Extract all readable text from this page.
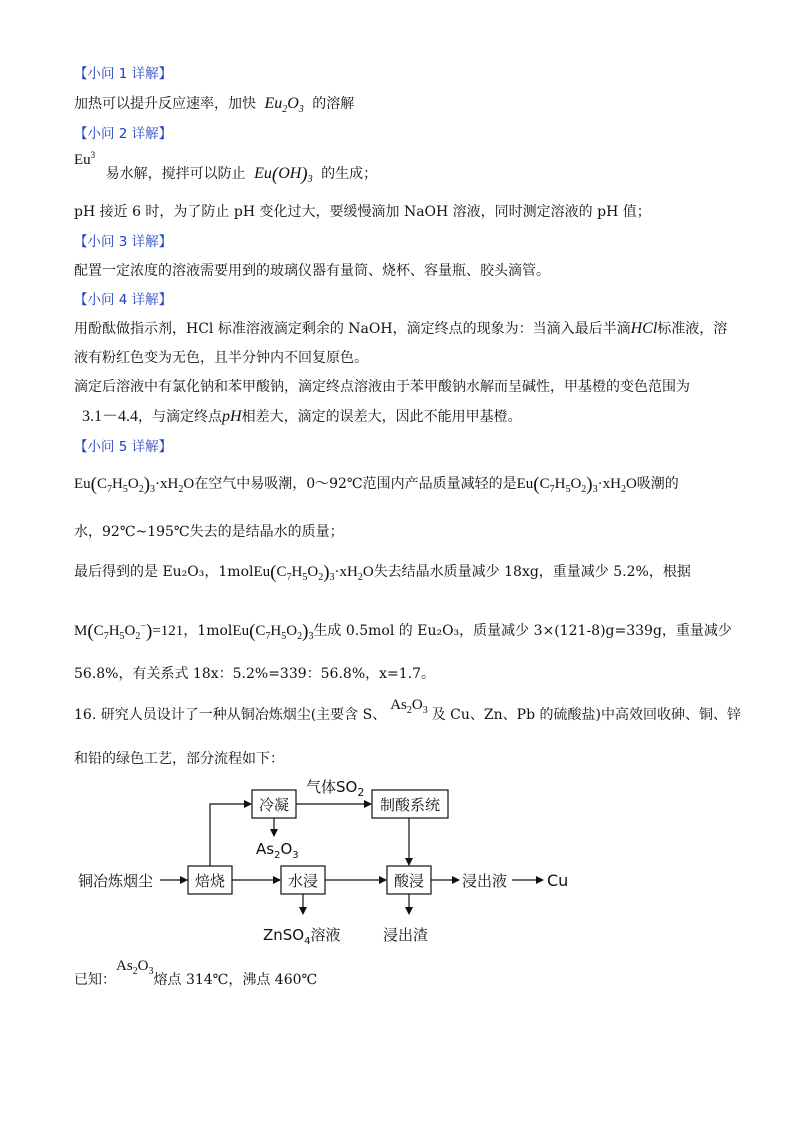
【小问 1 详解】
加热可以提升反应速率，加快  $Eu_2O_3$ 的溶解
【小问 2 详解】
Eu$^3$ 易水解，搅拌可以防止  $Eu(OH)_3$ 的生成；
pH 接近 6 时，为了防止 pH 变化过大，要缓慢滴加 NaOH 溶液，同时测定溶液的 pH 值；
【小问 3 详解】
配置一定浓度的溶液需要用到的玻璃仪器有量筒、烧杯、容量瓶、胶头滴管。
【小问 4 详解】
用酚酞做指示剂，HCl 标准溶液滴定剩余的 NaOH，滴定终点的现象为：当滴入最后半滴HCl标准液，溶
液有粉红色变为无色，且半分钟内不回复原色。
滴定后溶液中有氯化钠和苯甲酸钠，滴定终点溶液由于苯甲酸钠水解而呈碱性，甲基橙的变色范围为
3.1－4.4，与滴定终点pH相差大，滴定的误差大，因此不能用甲基橙。
【小问 5 详解】
$Eu(C_7H_5O_2)_3\cdot xH_2O$在空气中易吸潮，0～92℃范围内产品质量减轻的是$Eu(C_7H_5O_2)_3\cdot xH_2O$吸潮的
水，92℃~195℃失去的是结晶水的质量；
最后得到的是 Eu₂O₃，$1molEu(C_7H_5O_2)_3\cdot xH_2O$失去结晶水质量减少 18xg，重量减少 5.2%，根据
$M(C_7H_5O_2^-)=121$，$1molEu(C_7H_5O_2)_3$生成 0.5mol 的 Eu₂O₃，质量减少 3×(121-8)g=339g，重量减少
56.8%，有关系式 18x：5.2%=339：56.8%，x=1.7。
16. 研究人员设计了一种从铜冶炼烟尘(主要含 S、$As_2O_3$ 及 Cu、Zn、Pb 的硫酸盐)中高效回收砷、铜、锌
和铅的绿色工艺，部分流程如下：
铜冶炼烟尘	焙烧
冷凝	制酸系统
水浸	酸浸	浸出液
浸出渣
Cu
气体$SO_2$
$As_2O_3$
ZnSO$_4$溶液
已知：$As_2O_3$熔点 314℃，沸点 460℃
